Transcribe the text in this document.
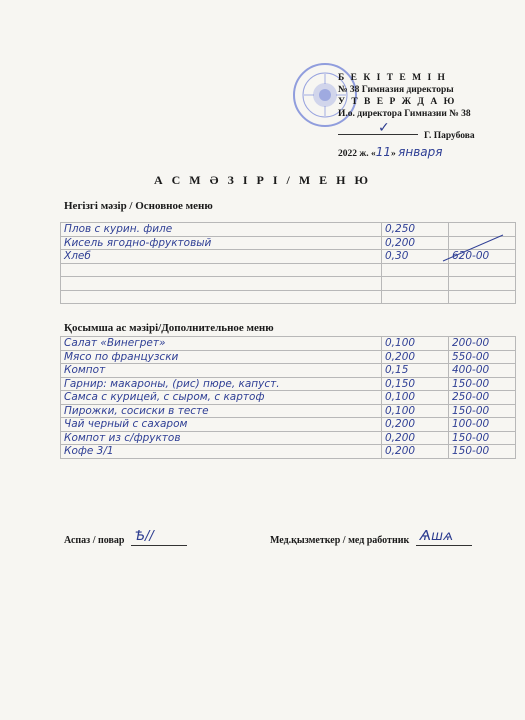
Б Е К І Т Е М І Н
№ 38 Гимназия директоры
У Т В Е Р Ж Д А Ю
И.о. директора Гимназии № 38
✓	Г. Парубова
2022 ж. «11» января
А С М Ә З І Р І / М Е Н Ю
Негізгі мәзір / Основное меню
Плов с курин. филе	0,250	
Кисель ягодно-фруктовый	0,200	
Хлеб	0,30	620-00

Қосымша ас мәзірі/Дополнительное меню
Салат «Винегрет»	0,100	200-00
Мясо по французски	0,200	550-00
Компот	0,15	400-00
Гарнир: макароны, (рис) пюре, капуст.	0,150	150-00
Самса с курицей, с сыром, с картоф	0,100	250-00
Пирожки, сосиски в тесте	0,100	150-00
Чай черный с сахаром	0,200	100-00
Компот из с/фруктов	0,200	150-00
Кофе 3/1	0,200	150-00
Аспаз / повар Ѣ//	Мед.қызметкер / мед работник Ѧшѧ
